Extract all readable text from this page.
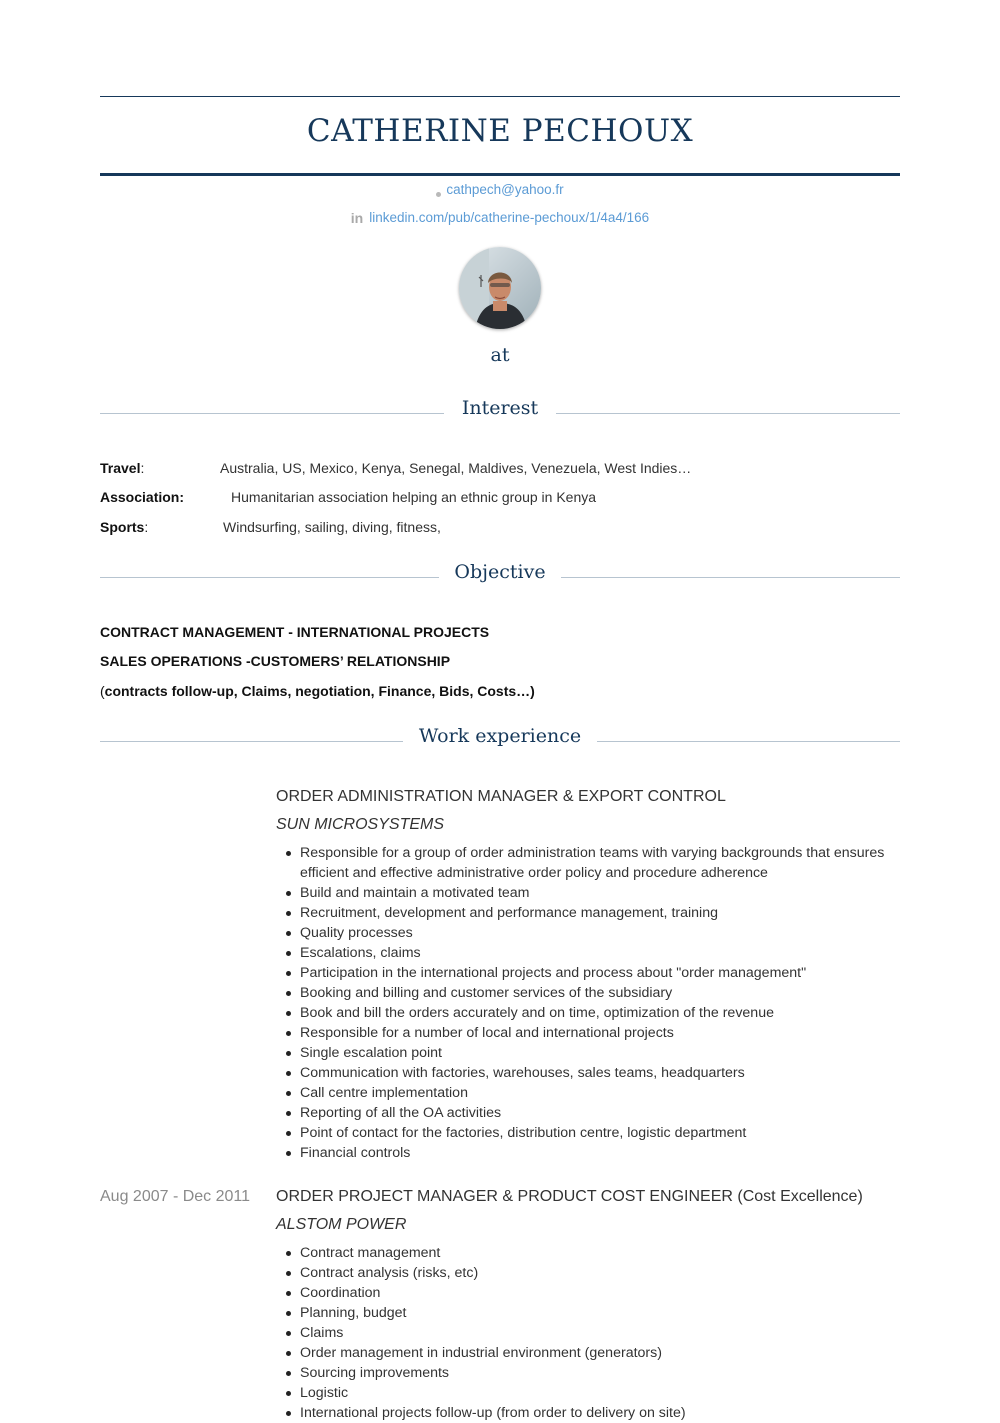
CATHERINE PECHOUX
cathpech@yahoo.fr
in linkedin.com/pub/catherine-pechoux/1/4a4/166
at
Interest
Travel:	Australia, US, Mexico, Kenya, Senegal, Maldives, Venezuela, West Indies…
Association:	Humanitarian association helping an ethnic group in Kenya
Sports:	Windsurfing, sailing, diving, fitness,
Objective
CONTRACT MANAGEMENT - INTERNATIONAL PROJECTS
SALES OPERATIONS -CUSTOMERS’ RELATIONSHIP
(contracts follow-up, Claims, negotiation, Finance, Bids, Costs…)
Work experience
ORDER ADMINISTRATION MANAGER & EXPORT CONTROL
SUN MICROSYSTEMS
Responsible for a group of order administration teams with varying backgrounds that ensures efficient and effective administrative order policy and procedure adherence
Build and maintain a motivated team
Recruitment, development and performance management, training
Quality processes
Escalations, claims
Participation in the international projects and process about "order management"
Booking and billing and customer services of the subsidiary
Book and bill the orders accurately and on time, optimization of the revenue
Responsible for a number of local and international projects
Single escalation point
Communication with factories, warehouses, sales teams, headquarters
Call centre implementation
Reporting of all the OA activities
Point of contact for the factories, distribution centre, logistic department
Financial controls
Aug 2007 - Dec 2011 ORDER PROJECT MANAGER & PRODUCT COST ENGINEER (Cost Excellence)
ALSTOM POWER
Contract management
Contract analysis (risks, etc)
Coordination
Planning, budget
Claims
Order management in industrial environment (generators)
Sourcing improvements
Logistic
International projects follow-up (from order to delivery on site)
